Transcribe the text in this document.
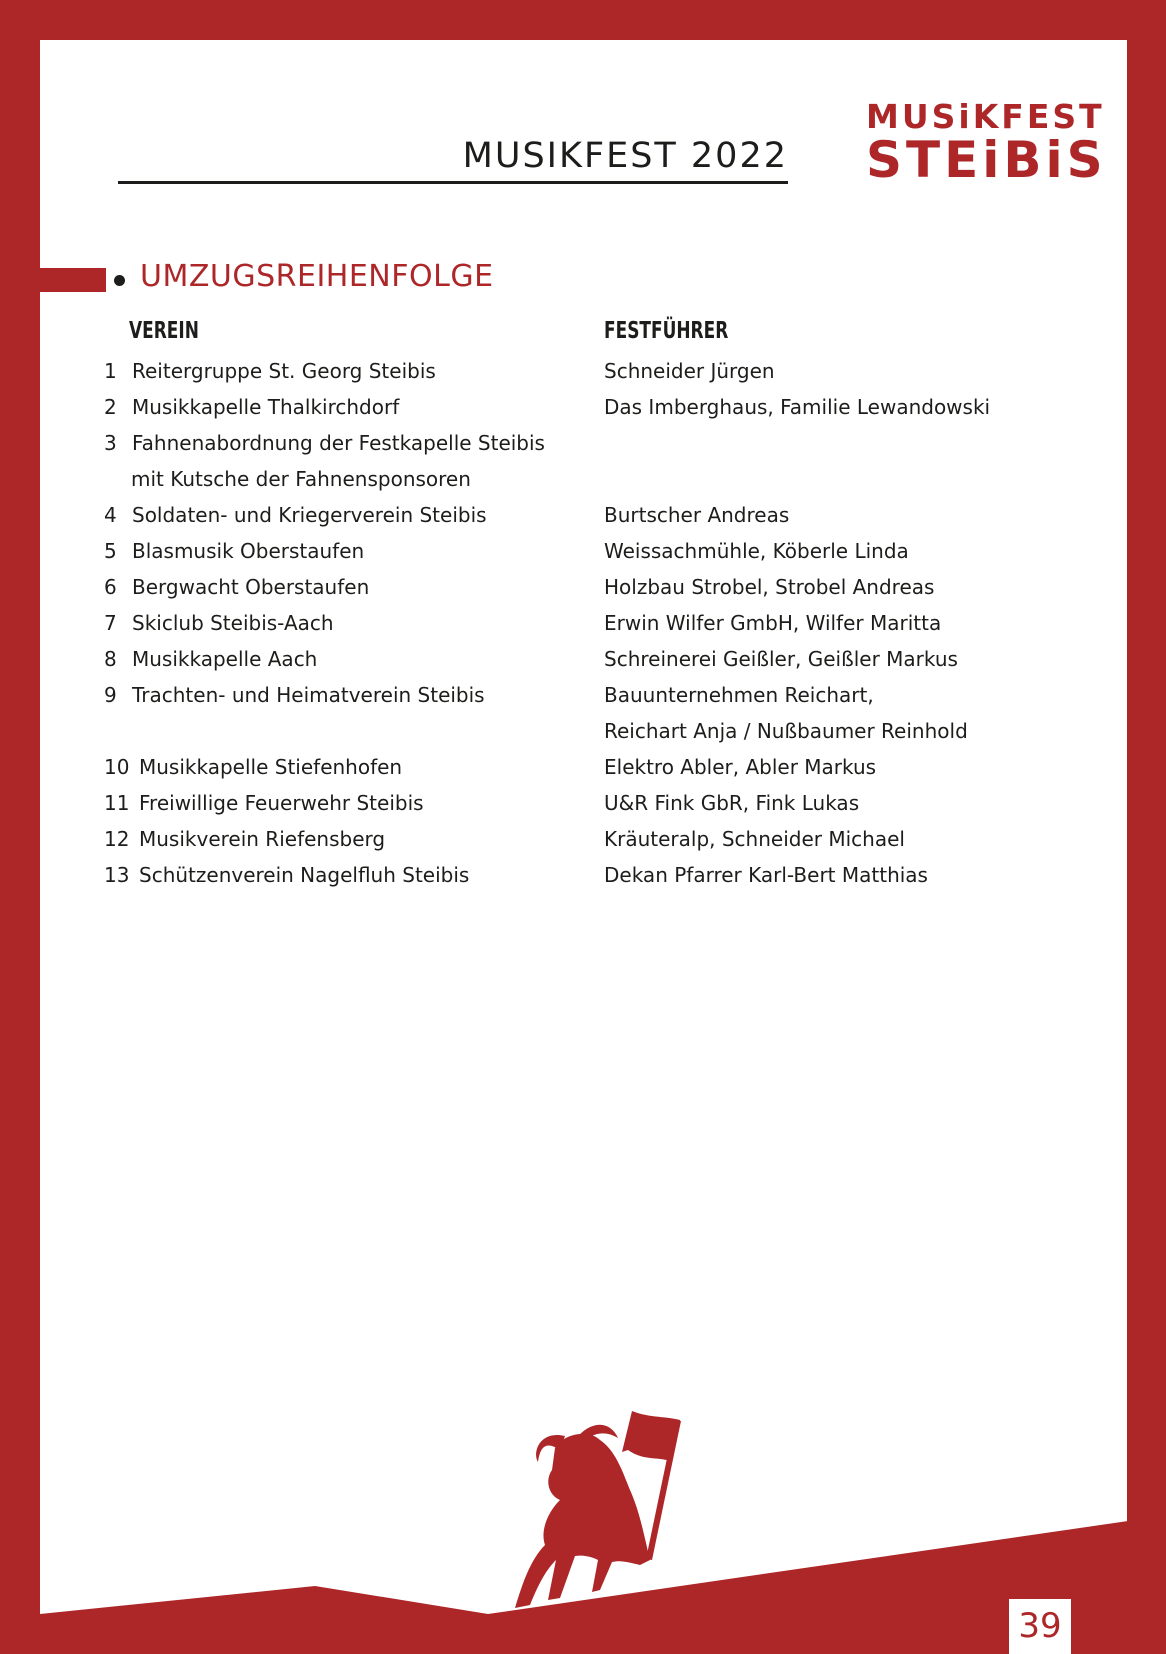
MUSIKFEST 2022
MUSiKFEST
STEiBiS
UMZUGSREIHENFOLGE
VEREIN	FESTFÜHRER
1
2
3
4
5
6
7
8
9
10
11
12
13
Reitergruppe St. Georg Steibis
Musikkapelle Thalkirchdorf
Fahnenabordnung der Festkapelle Steibis
mit Kutsche der Fahnensponsoren
Soldaten- und Kriegerverein Steibis
Blasmusik Oberstaufen
Bergwacht Oberstaufen
Skiclub Steibis-Aach
Musikkapelle Aach
Trachten- und Heimatverein Steibis
Musikkapelle Stiefenhofen
Freiwillige Feuerwehr Steibis
Musikverein Riefensberg
Schützenverein Nagelfluh Steibis
Schneider Jürgen
Das Imberghaus, Familie Lewandowski
Burtscher Andreas
Weissachmühle, Köberle Linda
Holzbau Strobel, Strobel Andreas
Erwin Wilfer GmbH, Wilfer Maritta
Schreinerei Geißler, Geißler Markus
Bauunternehmen Reichart,
Reichart Anja / Nußbaumer Reinhold
Elektro Abler, Abler Markus
U&R Fink GbR, Fink Lukas
Kräuteralp, Schneider Michael
Dekan Pfarrer Karl-Bert Matthias
39
